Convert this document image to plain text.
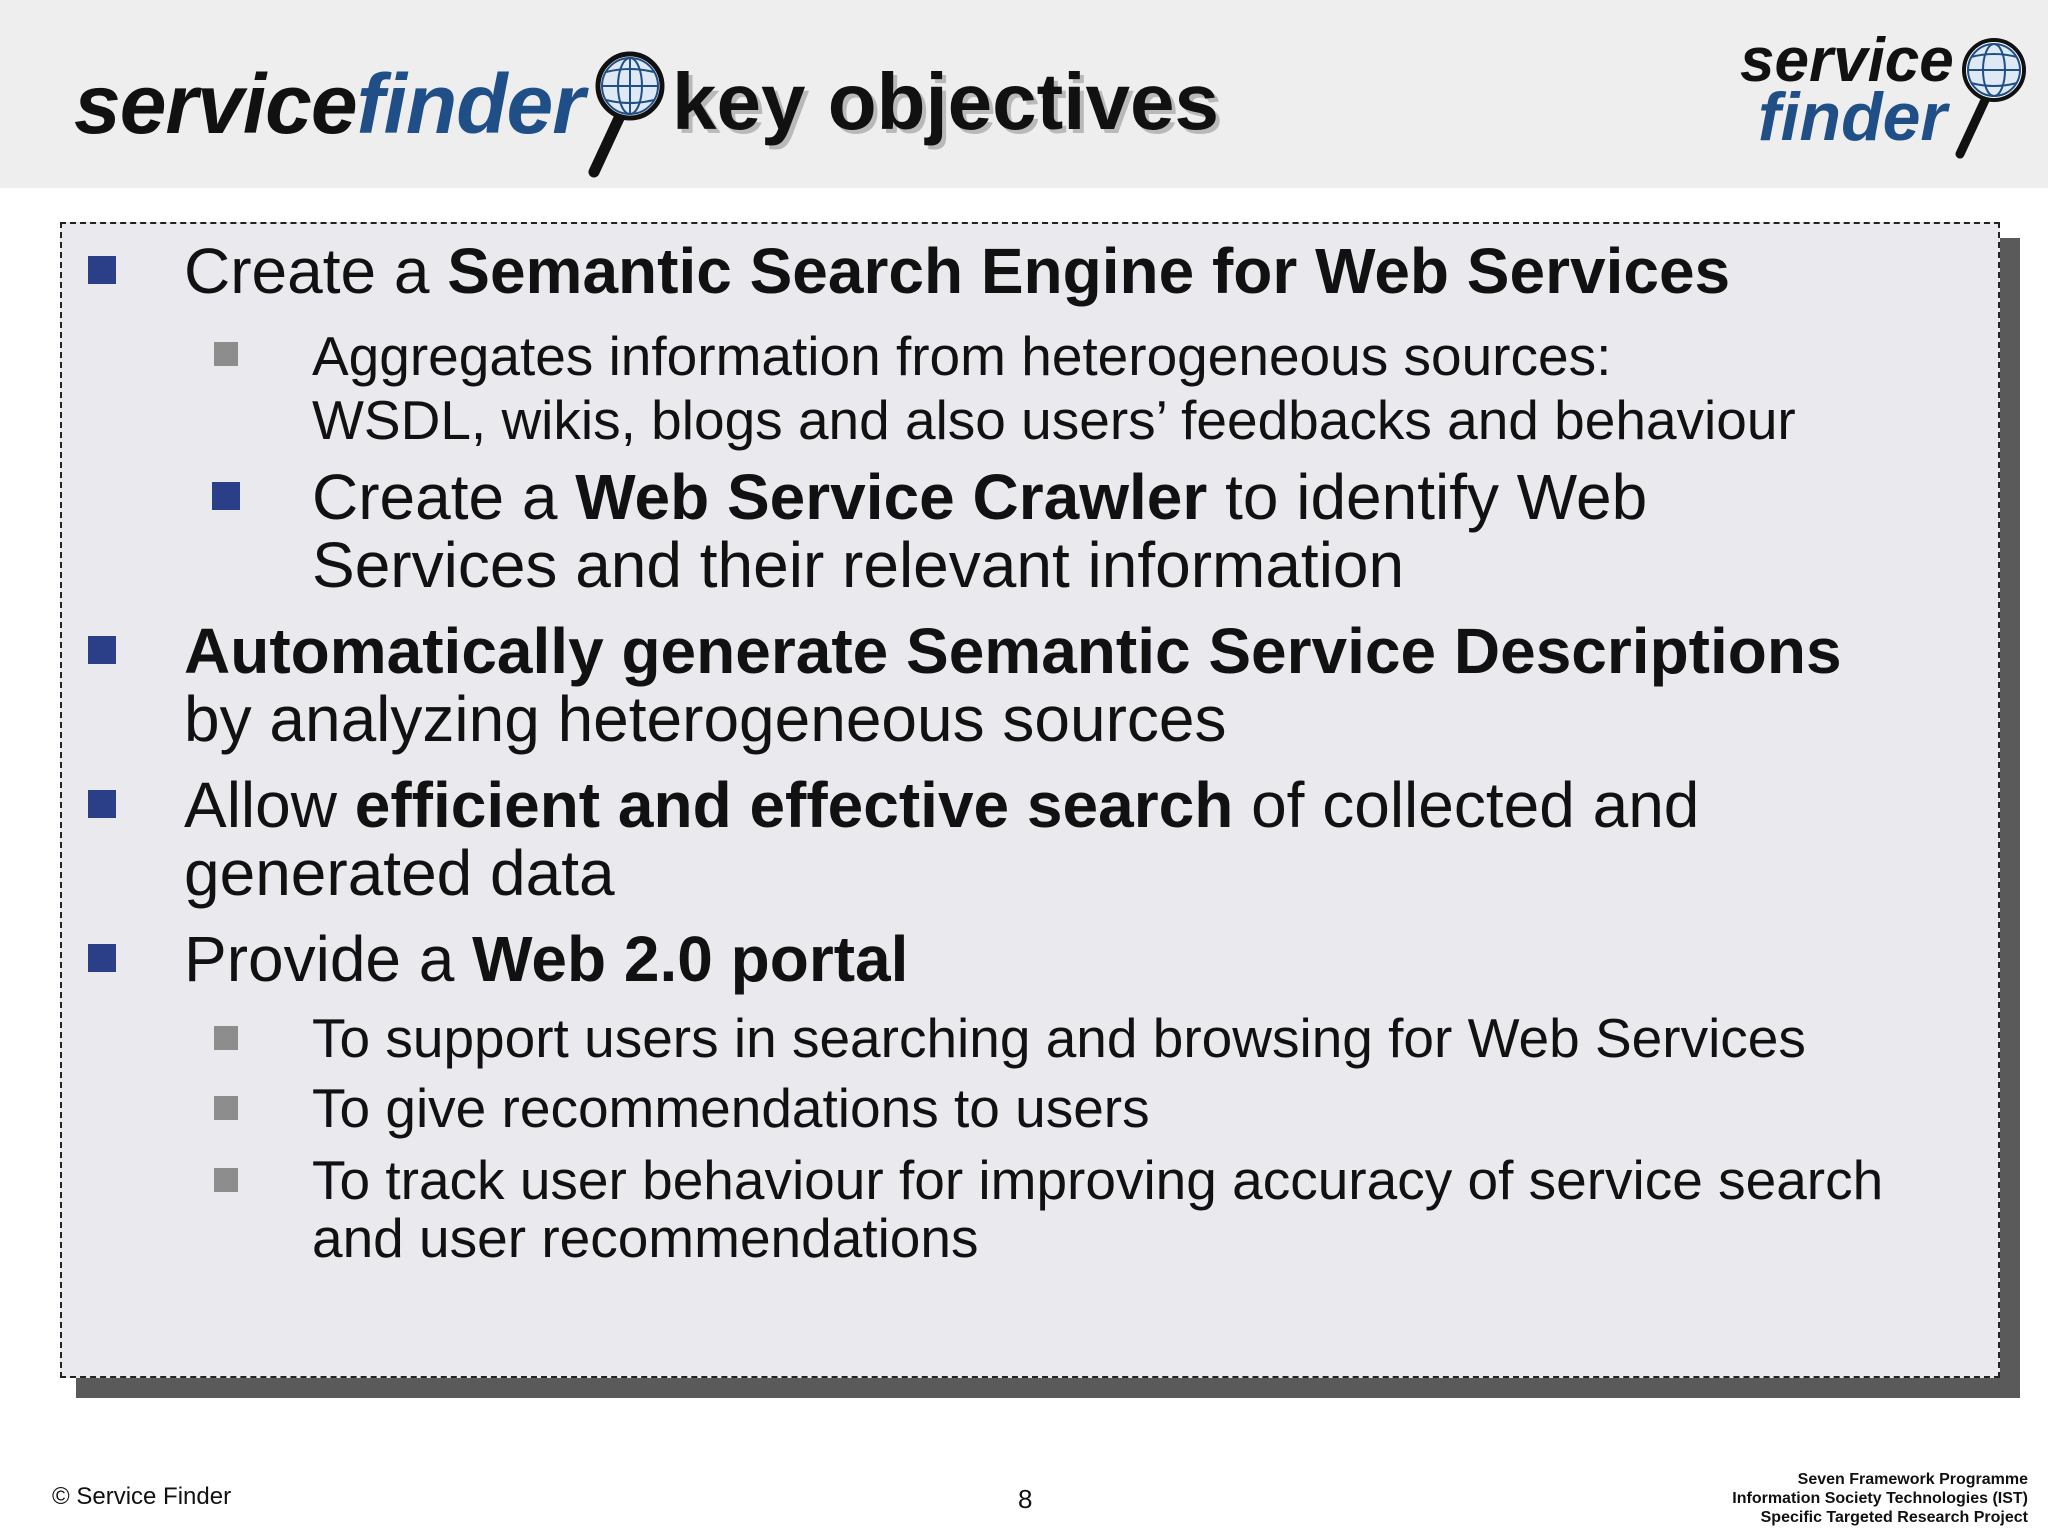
servicefinder key objectives	service
finder
Create a Semantic Search Engine for Web Services
Aggregates information from heterogeneous sources:
WSDL, wikis, blogs and also users’ feedbacks and behaviour
Create a Web Service Crawler to identify Web
Services and their relevant information
Automatically generate Semantic Service Descriptions
by analyzing heterogeneous sources
Allow efficient and effective search of collected and
generated data
Provide a Web 2.0 portal
To support users in searching and browsing for Web Services
To give recommendations to users
To track user behaviour for improving accuracy of service search
and user recommendations
© Service Finder	8
Seven Framework Programme
Information Society Technologies (IST)
Specific Targeted Research Project
